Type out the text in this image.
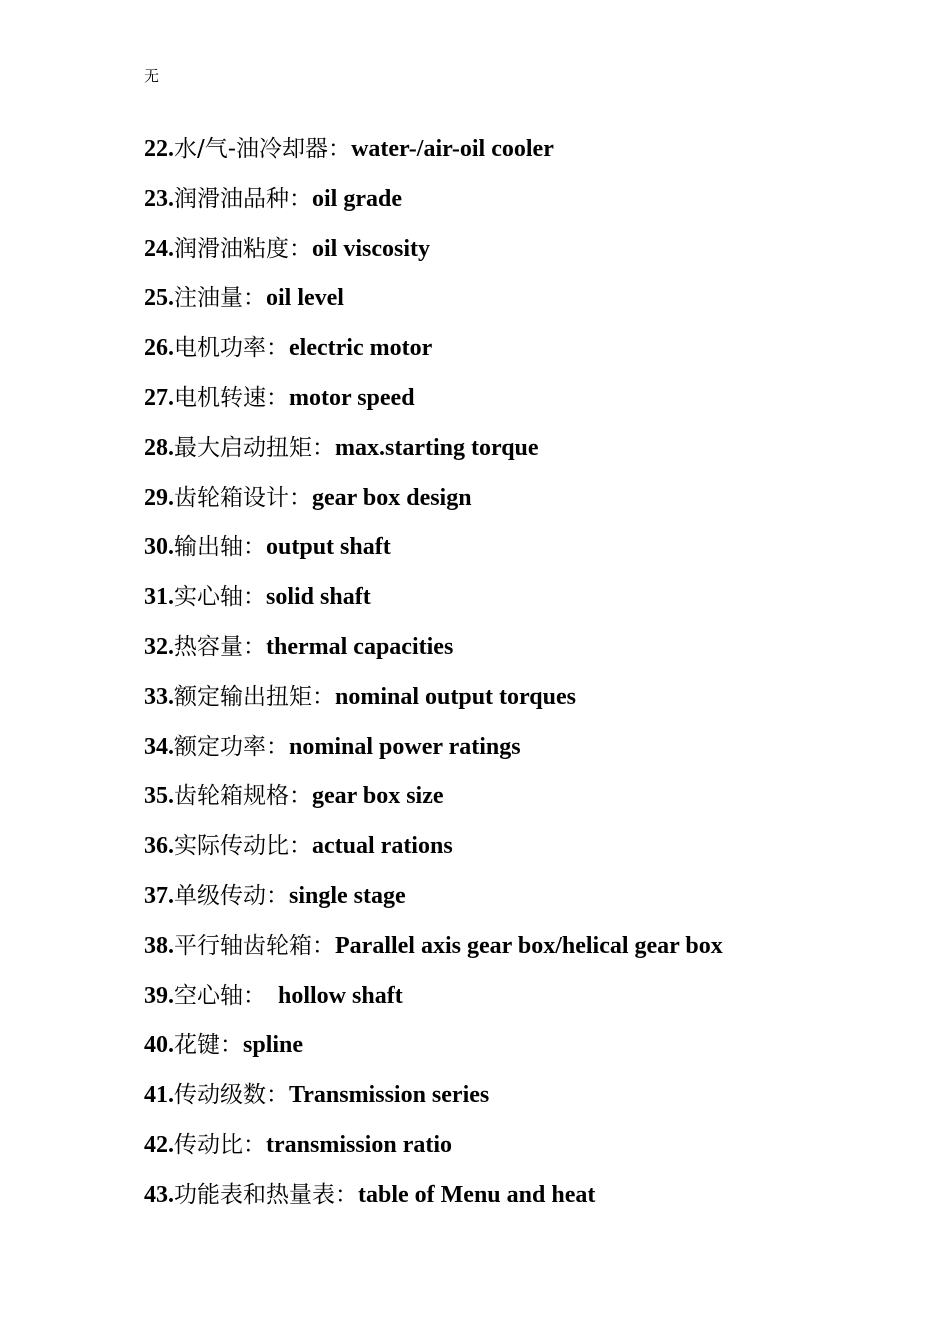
无
22.水/气-油冷却器：water-/air-oil cooler
23.润滑油品种：oil grade
24.润滑油粘度：oil viscosity
25.注油量：oil level
26.电机功率：electric motor
27.电机转速：motor speed
28.最大启动扭矩：max.starting torque
29.齿轮箱设计：gear box design
30.输出轴：output shaft
31.实心轴：solid shaft
32.热容量：thermal capacities
33.额定输出扭矩：nominal output torques
34.额定功率：nominal power ratings
35.齿轮箱规格：gear box size
36.实际传动比：actual rations
37.单级传动：single stage
38.平行轴齿轮箱：Parallel axis gear box/helical gear box
39.空心轴：  hollow shaft
40.花键：spline
41.传动级数：Transmission series
42.传动比：transmission ratio
43.功能表和热量表：table of Menu and heat
